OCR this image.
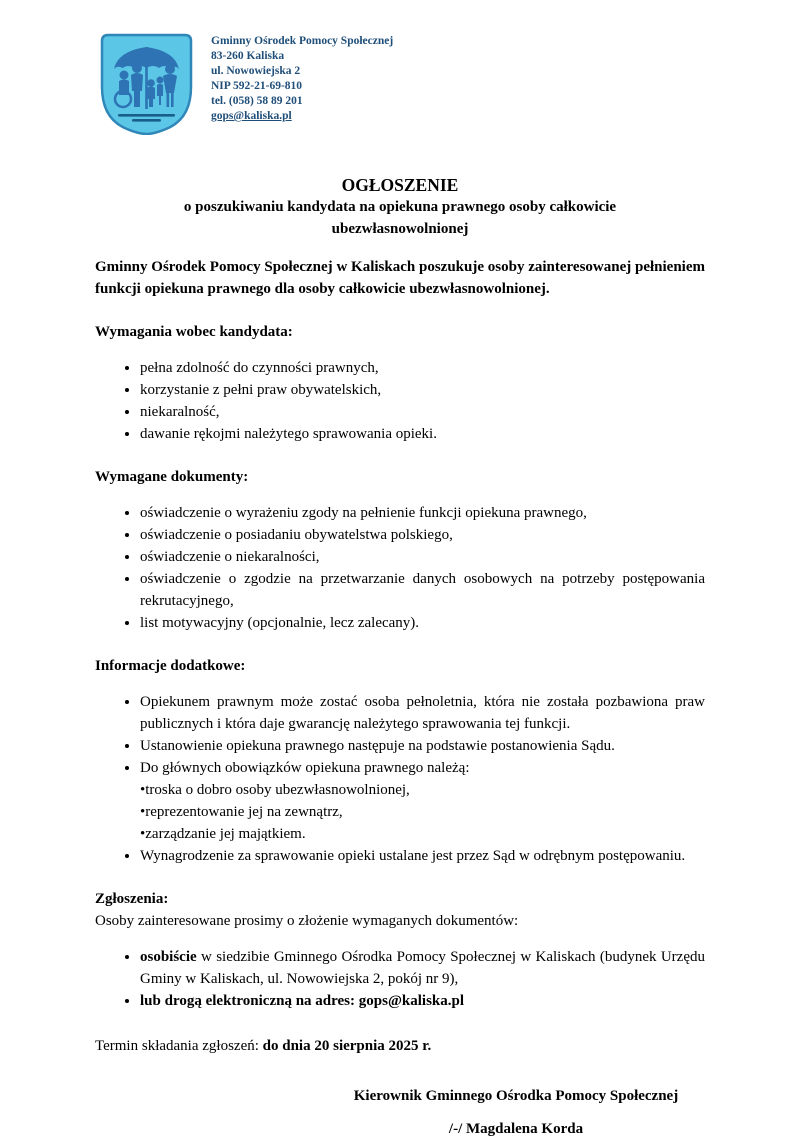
Gminny Ośrodek Pomocy Społecznej
83-260 Kaliska
ul. Nowowiejska 2
NIP 592-21-69-810
tel. (058) 58 89 201
gops@kaliska.pl
OGŁOSZENIE
o poszukiwaniu kandydata na opiekuna prawnego osoby całkowicie ubezwłasnowolnionej

Gminny Ośrodek Pomocy Społecznej w Kaliskach poszukuje osoby zainteresowanej pełnieniem funkcji opiekuna prawnego dla osoby całkowicie ubezwłasnowolnionej.

Wymagania wobec kandydata:

• pełna zdolność do czynności prawnych,
• korzystanie z pełni praw obywatelskich,
• niekaralność,
• dawanie rękojmi należytego sprawowania opieki.

Wymagane dokumenty:

• oświadczenie o wyrażeniu zgody na pełnienie funkcji opiekuna prawnego,
• oświadczenie o posiadaniu obywatelstwa polskiego,
• oświadczenie o niekaralności,
• oświadczenie o zgodzie na przetwarzanie danych osobowych na potrzeby postępowania rekrutacyjnego,
• list motywacyjny (opcjonalnie, lecz zalecany).

Informacje dodatkowe:

• Opiekunem prawnym może zostać osoba pełnoletnia, która nie została pozbawiona praw publicznych i która daje gwarancję należytego sprawowania tej funkcji.
• Ustanowienie opiekuna prawnego następuje na podstawie postanowienia Sądu.
• Do głównych obowiązków opiekuna prawnego należą:
• troska o dobro osoby ubezwłasnowolnionej,
• reprezentowanie jej na zewnątrz,
• zarządzanie jej majątkiem.
• Wynagrodzenie za sprawowanie opieki ustalane jest przez Sąd w odrębnym postępowaniu.

Zgłoszenia:

Osoby zainteresowane prosimy o złożenie wymaganych dokumentów:

• osobiście w siedzibie Gminnego Ośrodka Pomocy Społecznej w Kaliskach (budynek Urzędu Gminy w Kaliskach, ul. Nowowiejska 2, pokój nr 9),
• lub drogą elektroniczną na adres: gops@kaliska.pl

Termin składania zgłoszeń: do dnia 20 sierpnia 2025 r.

Kierownik Gminnego Ośrodka Pomocy Społecznej
/-/ Magdalena Korda
